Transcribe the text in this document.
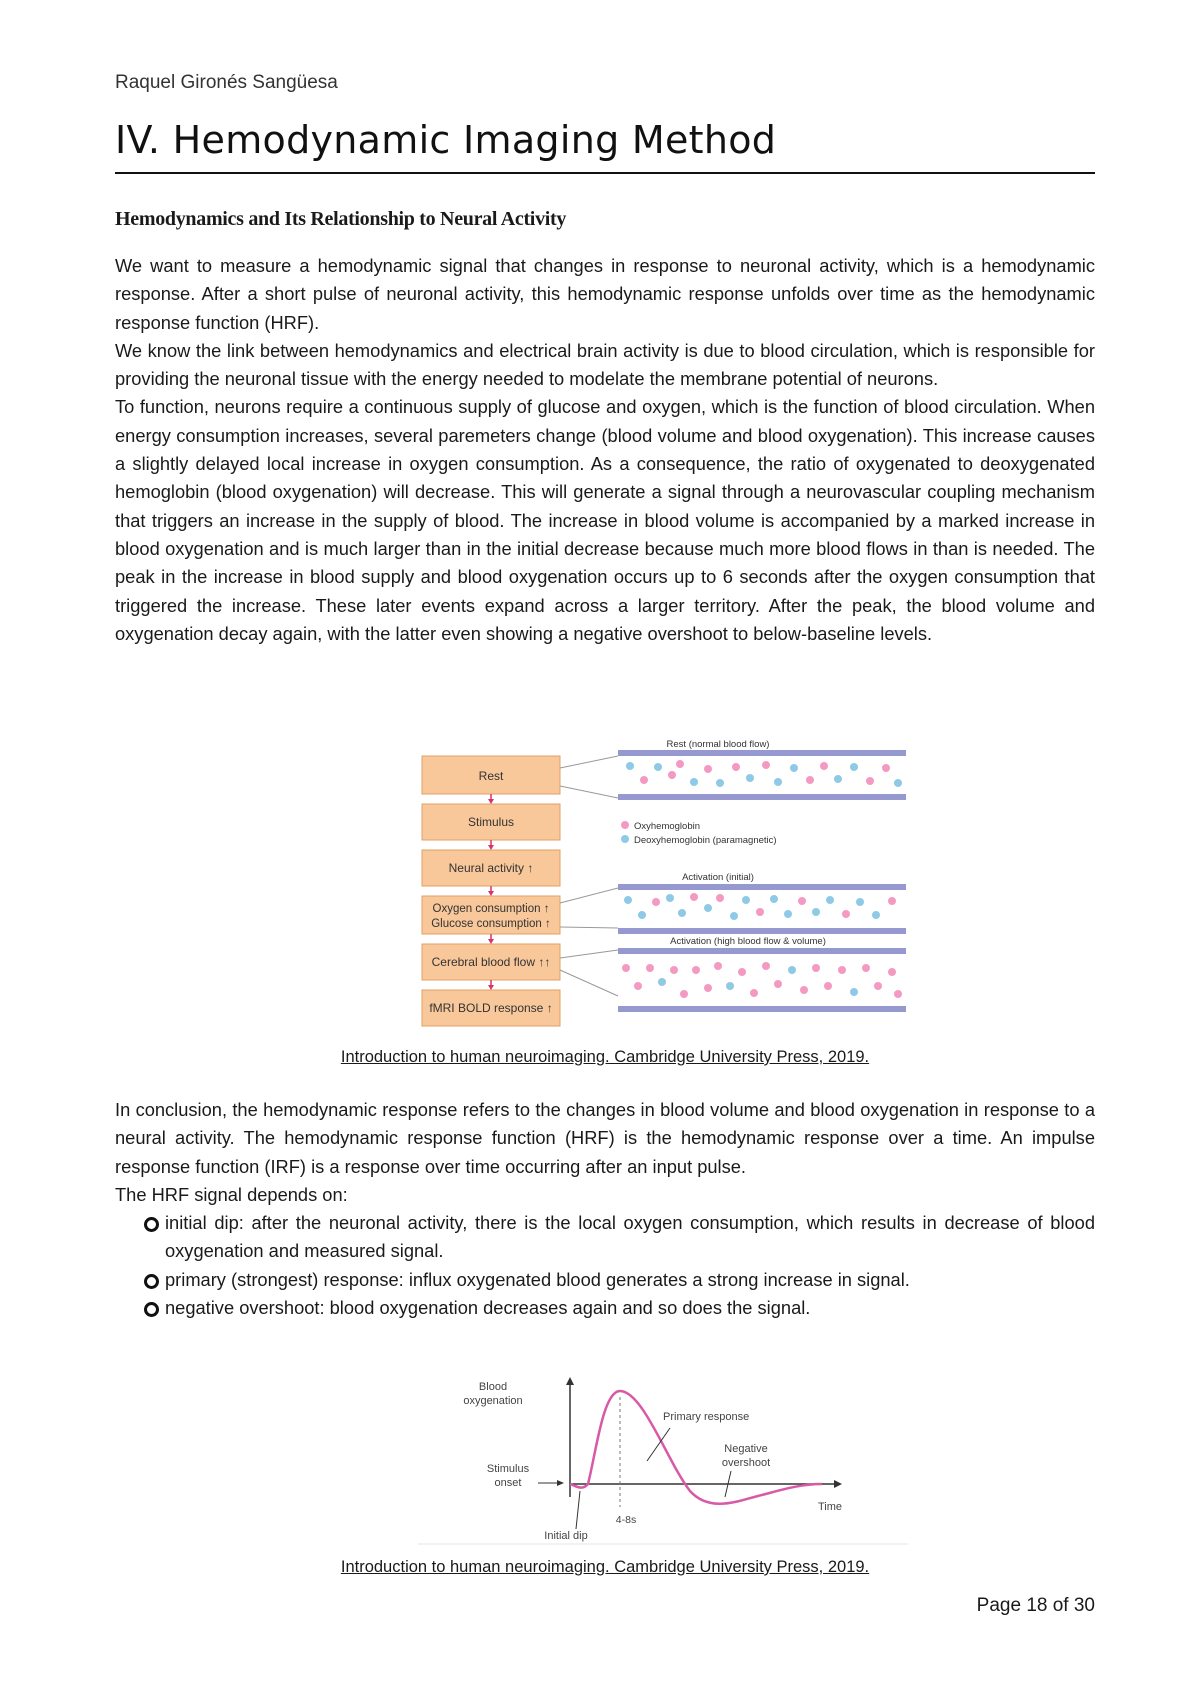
Raquel Gironés Sangüesa
IV. Hemodynamic Imaging Method
Hemodynamics and Its Relationship to Neural Activity

We want to measure a hemodynamic signal that changes in response to neuronal activity, which is a hemodynamic response. After a short pulse of neuronal activity, this hemodynamic response unfolds over time as the hemodynamic response function (HRF).

We know the link between hemodynamics and electrical brain activity is due to blood circulation, which is responsible for providing the neuronal tissue with the energy needed to modelate the membrane potential of neurons.

To function, neurons require a continuous supply of glucose and oxygen, which is the function of blood circulation. When energy consumption increases, several paremeters change (blood volume and blood oxygenation). This increase causes a slightly delayed local increase in oxygen consumption. As a consequence, the ratio of oxygenated to deoxygenated hemoglobin (blood oxygenation) will decrease. This will generate a signal through a neurovascular coupling mechanism that triggers an increase in the supply of blood. The increase in blood volume is accompanied by a marked increase in blood oxygenation and is much larger than in the initial decrease because much more blood flows in than is needed. The peak in the increase in blood supply and blood oxygenation occurs up to 6 seconds after the oxygen consumption that triggered the increase. These later events expand across a larger territory. After the peak, the blood volume and oxygenation decay again, with the latter even showing a negative overshoot to below-baseline levels.

Rest
Stimulus
Neural activity ↑
Oxygen consumption ↑
Glucose consumption ↑
Cerebral blood flow ↑↑
fMRI BOLD response ↑
Rest (normal blood flow)
Oxyhemoglobin
Deoxyhemoglobin (paramagnetic)
Activation (initial)
Activation (high blood flow & volume)
Introduction to human neuroimaging. Cambridge University Press, 2019.

In conclusion, the hemodynamic response refers to the changes in blood volume and blood oxygenation in response to a neural activity. The hemodynamic response function (HRF) is the hemodynamic response over a time. An impulse response function (IRF) is a response over time occurring after an input pulse.

The HRF signal depends on:

initial dip: after the neuronal activity, there is the local oxygen consumption, which results in decrease of blood oxygenation and measured signal.
primary (strongest) response: influx oxygenated blood generates a strong increase in signal.
negative overshoot: blood oxygenation decreases again and so does the signal.
Blood
oxygenation
Stimulus
onset
Primary response
Negative
overshoot
Time
4-8s
Initial dip
Introduction to human neuroimaging. Cambridge University Press, 2019.
Page 18 of 30
